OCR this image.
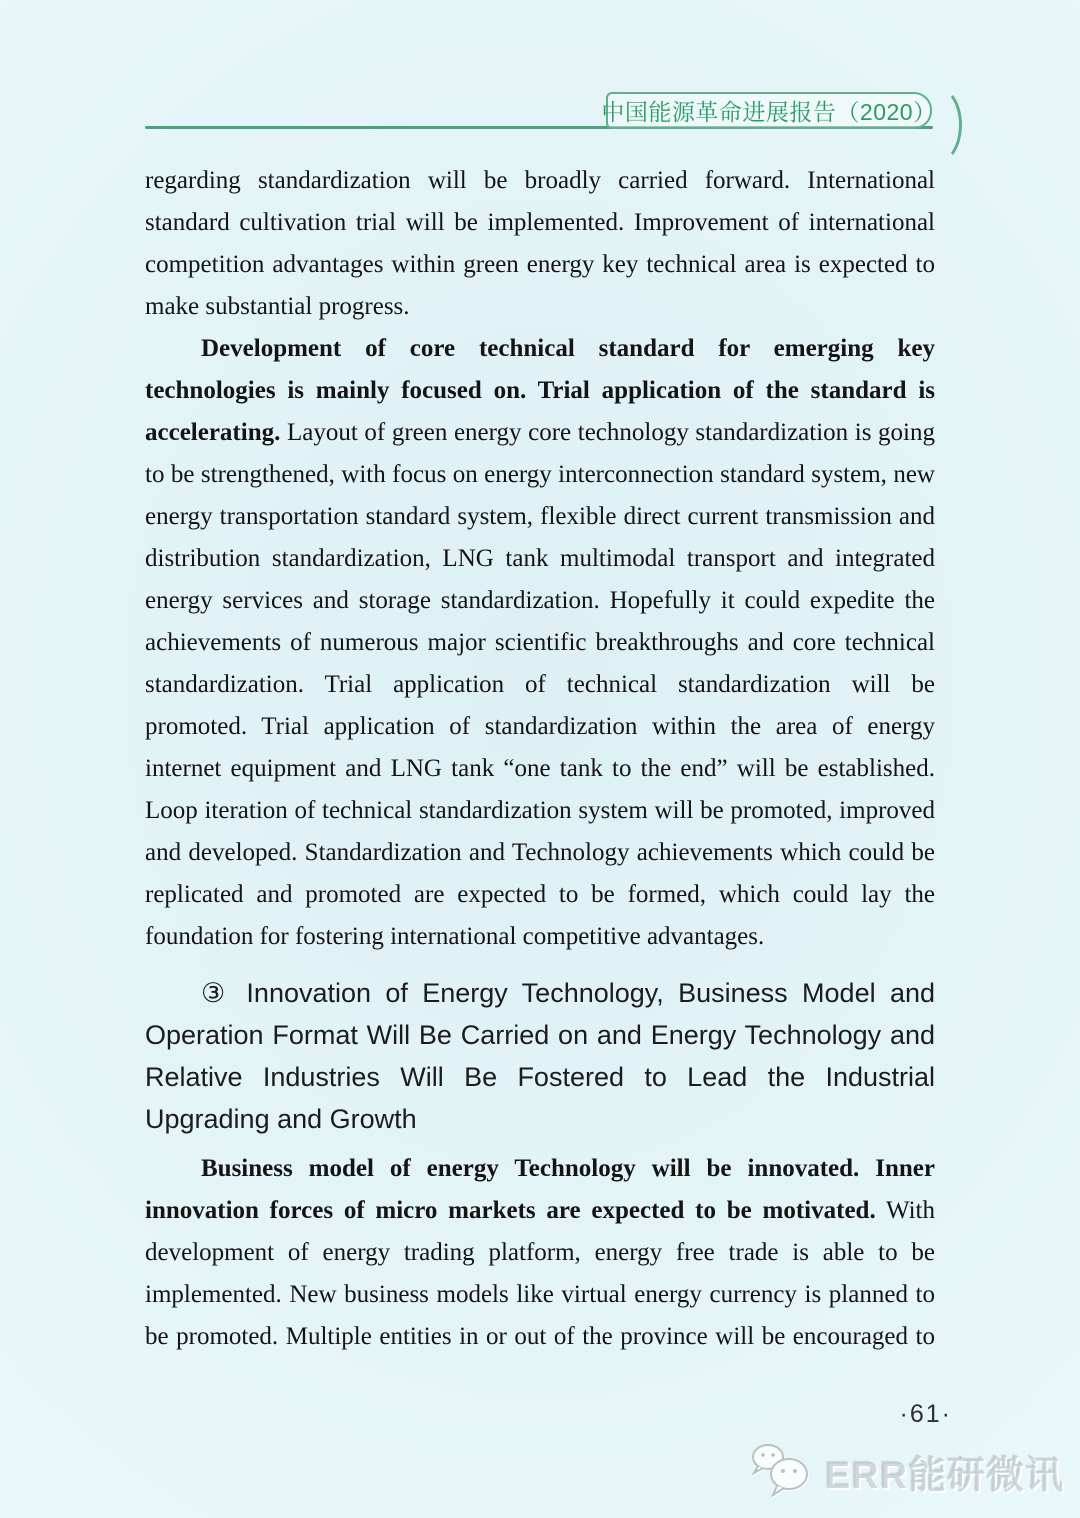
中国能源革命进展报告（2020）

regarding standardization will be broadly carried forward. International standard cultivation trial will be implemented. Improvement of international competition advantages within green energy key technical area is expected to make substantial progress.

Development of core technical standard for emerging key technologies is mainly focused on. Trial application of the standard is accelerating. Layout of green energy core technology standardization is going to be strengthened, with focus on energy interconnection standard system, new energy transportation standard system, flexible direct current transmission and distribution standardization, LNG tank multimodal transport and integrated energy services and storage standardization. Hopefully it could expedite the achievements of numerous major scientific breakthroughs and core technical standardization. Trial application of technical standardization will be promoted. Trial application of standardization within the area of energy internet equipment and LNG tank “one tank to the end” will be established. Loop iteration of technical standardization system will be promoted, improved and developed. Standardization and Technology achievements which could be replicated and promoted are expected to be formed, which could lay the foundation for fostering international competitive advantages.

③ Innovation of Energy Technology, Business Model and Operation Format Will Be Carried on and Energy Technology and Relative Industries Will Be Fostered to Lead the Industrial Upgrading and Growth

Business model of energy Technology will be innovated. Inner innovation forces of micro markets are expected to be motivated. With development of energy trading platform, energy free trade is able to be implemented. New business models like virtual energy currency is planned to be promoted. Multiple entities in or out of the province will be encouraged to

·61·
ERR能研微讯
